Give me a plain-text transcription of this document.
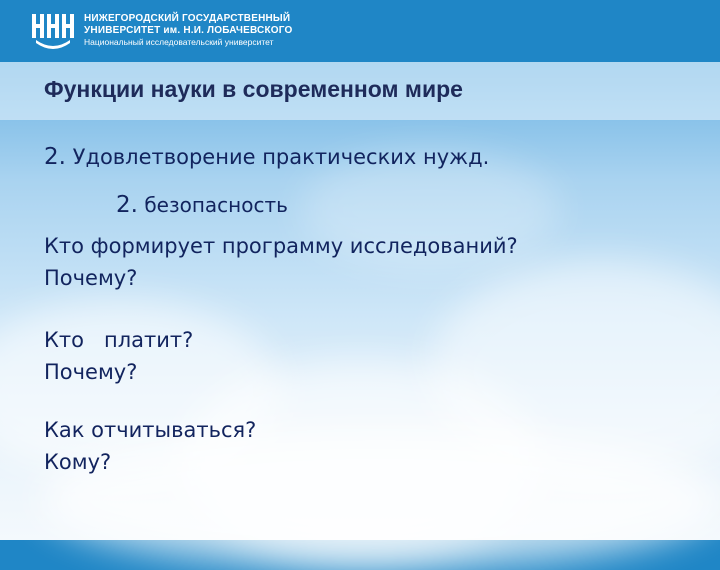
НИЖЕГОРОДСКИЙ ГОСУДАРСТВЕННЫЙ
УНИВЕРСИТЕТ им. Н.И. ЛОБАЧЕВСКОГО
Национальный исследовательский университет
Функции науки в современном мире

2. Удовлетворение практических нужд.

2. безопасность

Кто формирует программу исследований?

Почему?

Кто   платит?

Почему?

Как отчитываться?

Кому?
